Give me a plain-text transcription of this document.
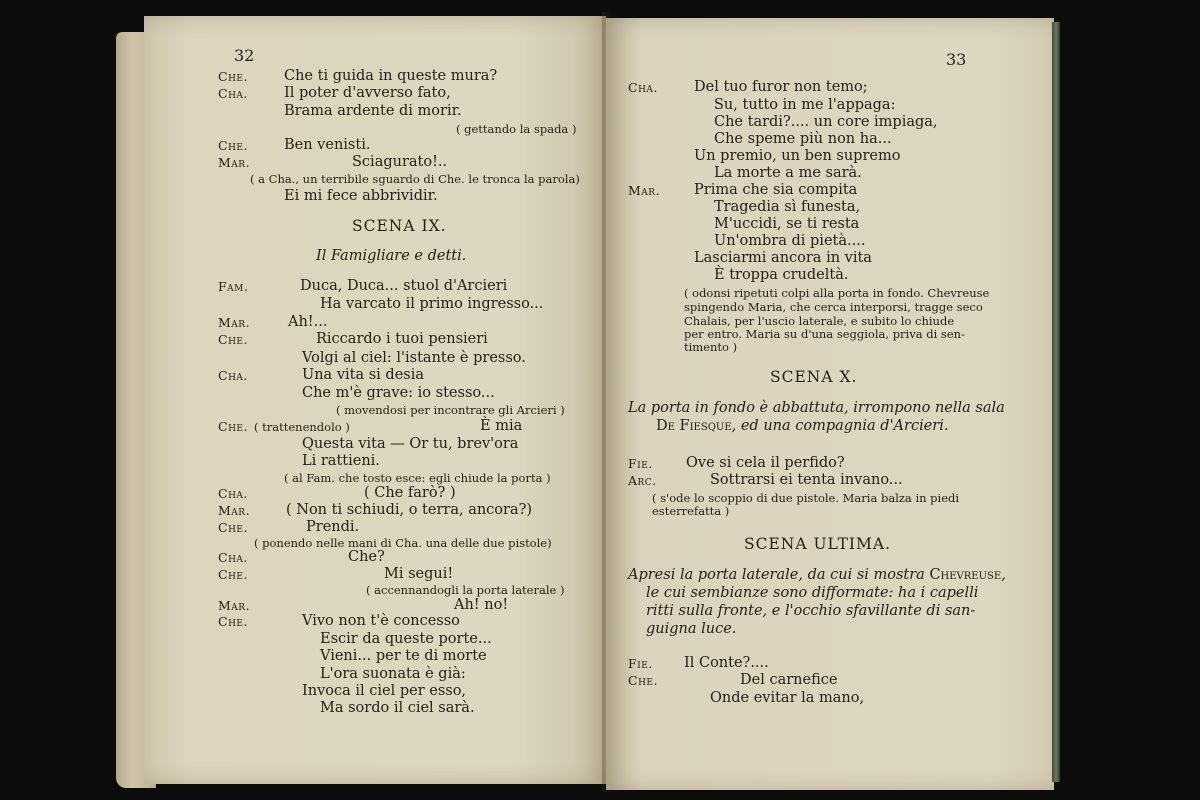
32
Che. Che ti guida in queste mura?
Cha. Il poter d'avverso fato,
Brama ardente di morir.
( gettando la spada )
Che. Ben venisti.
Mar.	Sciagurato!..
( a Cha., un terribile sguardo di Che. le tronca la parola)
Ei mi fece abbrividir.
SCENA IX.
Il Famigliare e detti.
Fam.	Duca, Duca... stuol d'Arcieri
Ha varcato il primo ingresso...
Mar.	Ah!...
Che.	Riccardo i tuoi pensieri
Volgi al ciel: l'istante è presso.
Cha.	Una vita si desia
Che m'è grave: io stesso...
( movendosi per incontrare gli Arcieri )
Che. ( trattenendolo )	È mia
Questa vita — Or tu, brev'ora
Li rattieni.
( al Fam. che tosto esce: egli chiude la porta )
Cha.	( Che farò? )
Mar. ( Non ti schiudi, o terra, ancora?)
Che.	Prendi.
( ponendo nelle mani di Cha. una delle due pistole)
Cha.	Che?
Che.	Mi segui!
( accennandogli la porta laterale )
Mar.	Ah! no!
Che.	Vivo non t'è concesso
Escir da queste porte...
Vieni... per te di morte
L'ora suonata è già:
Invoca il ciel per esso,
Ma sordo il ciel sarà.
33
Cha. Del tuo furor non temo;
Su, tutto in me l'appaga:
Che tardi?.... un core impiaga,
Che speme più non ha...
Un premio, un ben supremo
La morte a me sarà.
Mar. Prima che sia compita
Tragedia sì funesta,
M'uccidi, se ti resta
Un'ombra di pietà....
Lasciarmi ancora in vita
È troppa crudeltà.
( odonsi ripetuti colpi alla porta in fondo. Chevreuse
spingendo Maria, che cerca interporsi, tragge seco
Chalais, per l'uscio laterale, e subito lo chiude
per entro. Maria su d'una seggiola, priva di sen-
timento )
SCENA X.
La porta in fondo è abbattuta, irrompono nella sala
De Fiesque, ed una compagnia d'Arcieri.
Fie. Ove si cela il perfido?
Arc.	Sottrarsi ei tenta invano...
( s'ode lo scoppio di due pistole. Maria balza in piedi
esterrefatta )
SCENA ULTIMA.
Apresi la porta laterale, da cui si mostra Chevreuse,
le cui sembianze sono difformate: ha i capelli
ritti sulla fronte, e l'occhio sfavillante di san-
guigna luce.
Fie. Il Conte?....
Che.	Del carnefice
Onde evitar la mano,
